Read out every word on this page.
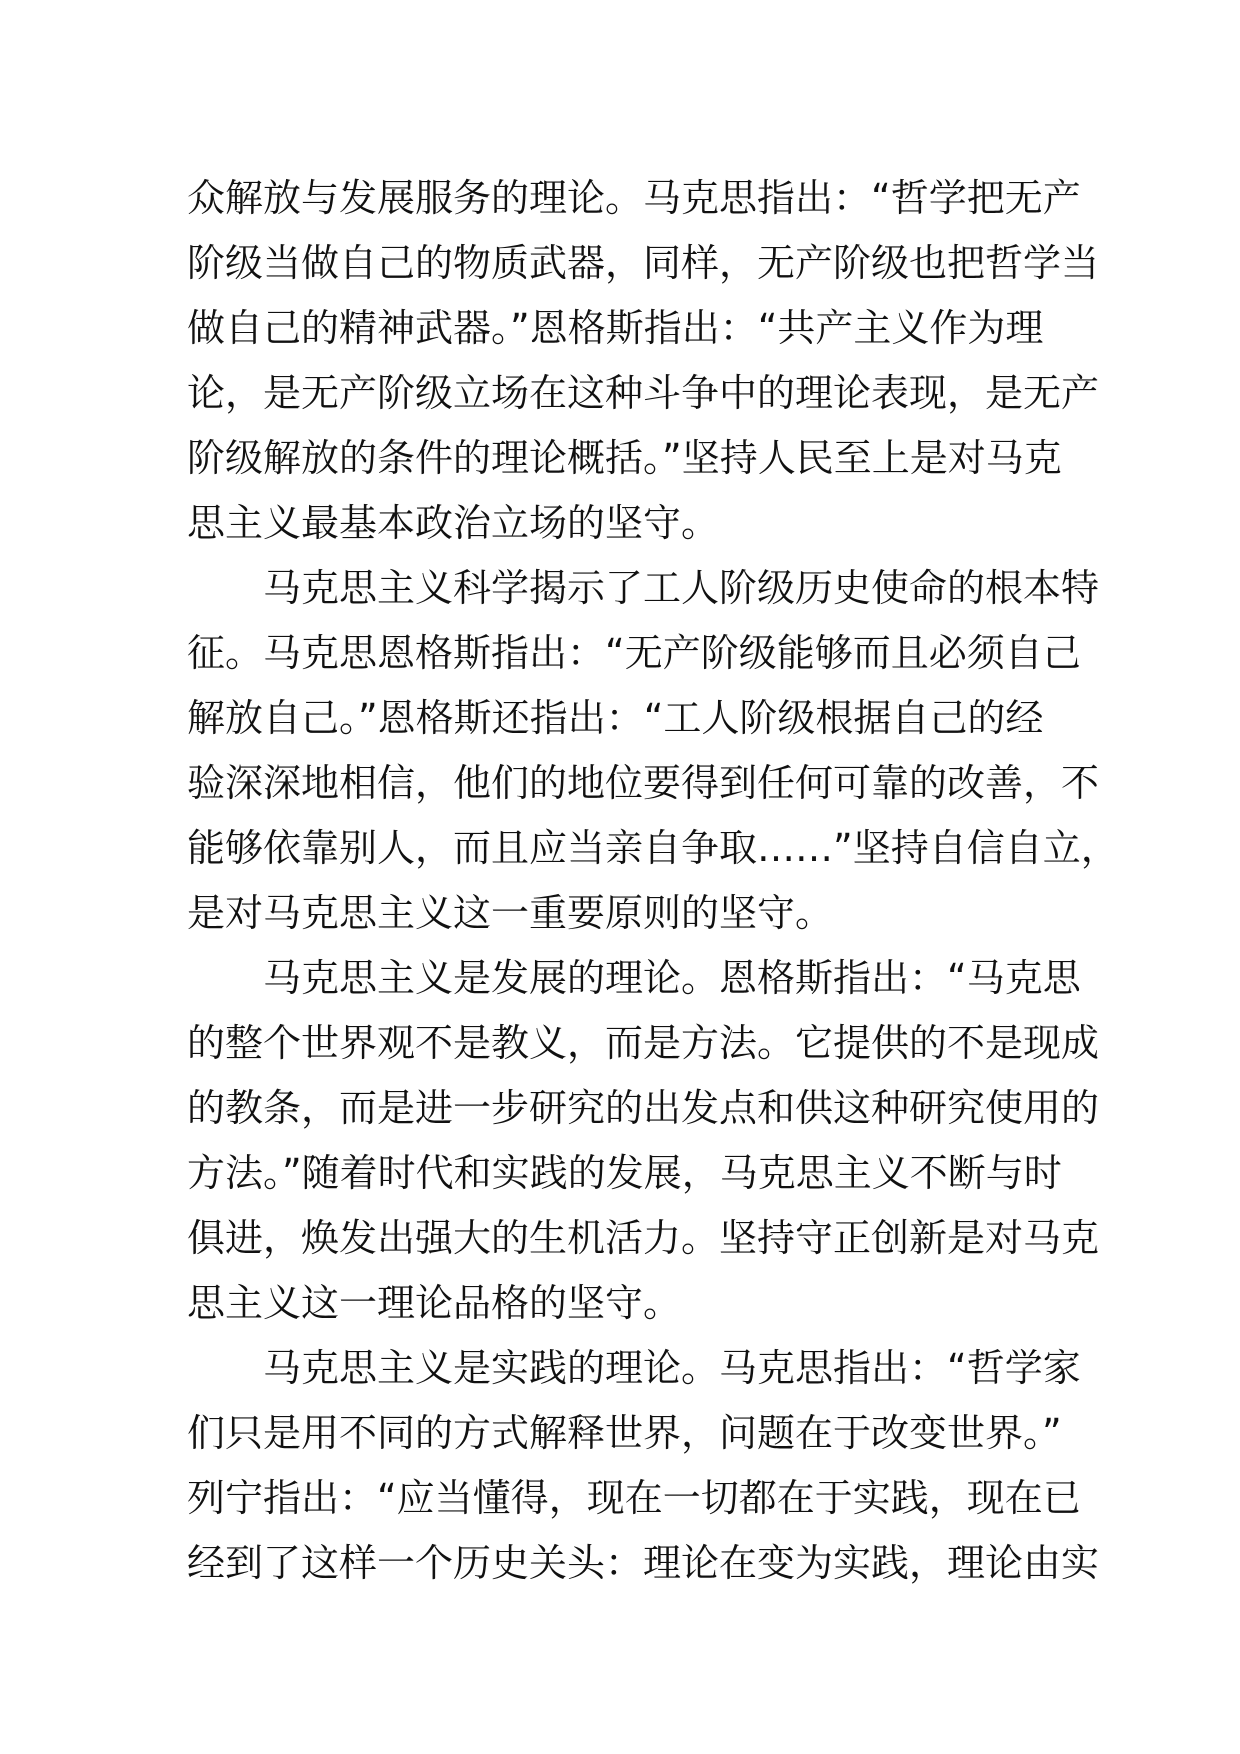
众解放与发展服务的理论。马克思指出：“哲学把无产
阶级当做自己的物质武器，同样，无产阶级也把哲学当
做自己的精神武器。”恩格斯指出：“共产主义作为理
论，是无产阶级立场在这种斗争中的理论表现，是无产
阶级解放的条件的理论概括。”坚持人民至上是对马克
思主义最基本政治立场的坚守。
马克思主义科学揭示了工人阶级历史使命的根本特
征。马克思恩格斯指出：“无产阶级能够而且必须自己
解放自己。”恩格斯还指出：“工人阶级根据自己的经
验深深地相信，他们的地位要得到任何可靠的改善，不
能够依靠别人，而且应当亲自争取……”坚持自信自立，
是对马克思主义这一重要原则的坚守。
马克思主义是发展的理论。恩格斯指出：“马克思
的整个世界观不是教义，而是方法。它提供的不是现成
的教条，而是进一步研究的出发点和供这种研究使用的
方法。”随着时代和实践的发展，马克思主义不断与时
俱进，焕发出强大的生机活力。坚持守正创新是对马克
思主义这一理论品格的坚守。
马克思主义是实践的理论。马克思指出：“哲学家
们只是用不同的方式解释世界，问题在于改变世界。”
列宁指出：“应当懂得，现在一切都在于实践，现在已
经到了这样一个历史关头：理论在变为实践，理论由实
